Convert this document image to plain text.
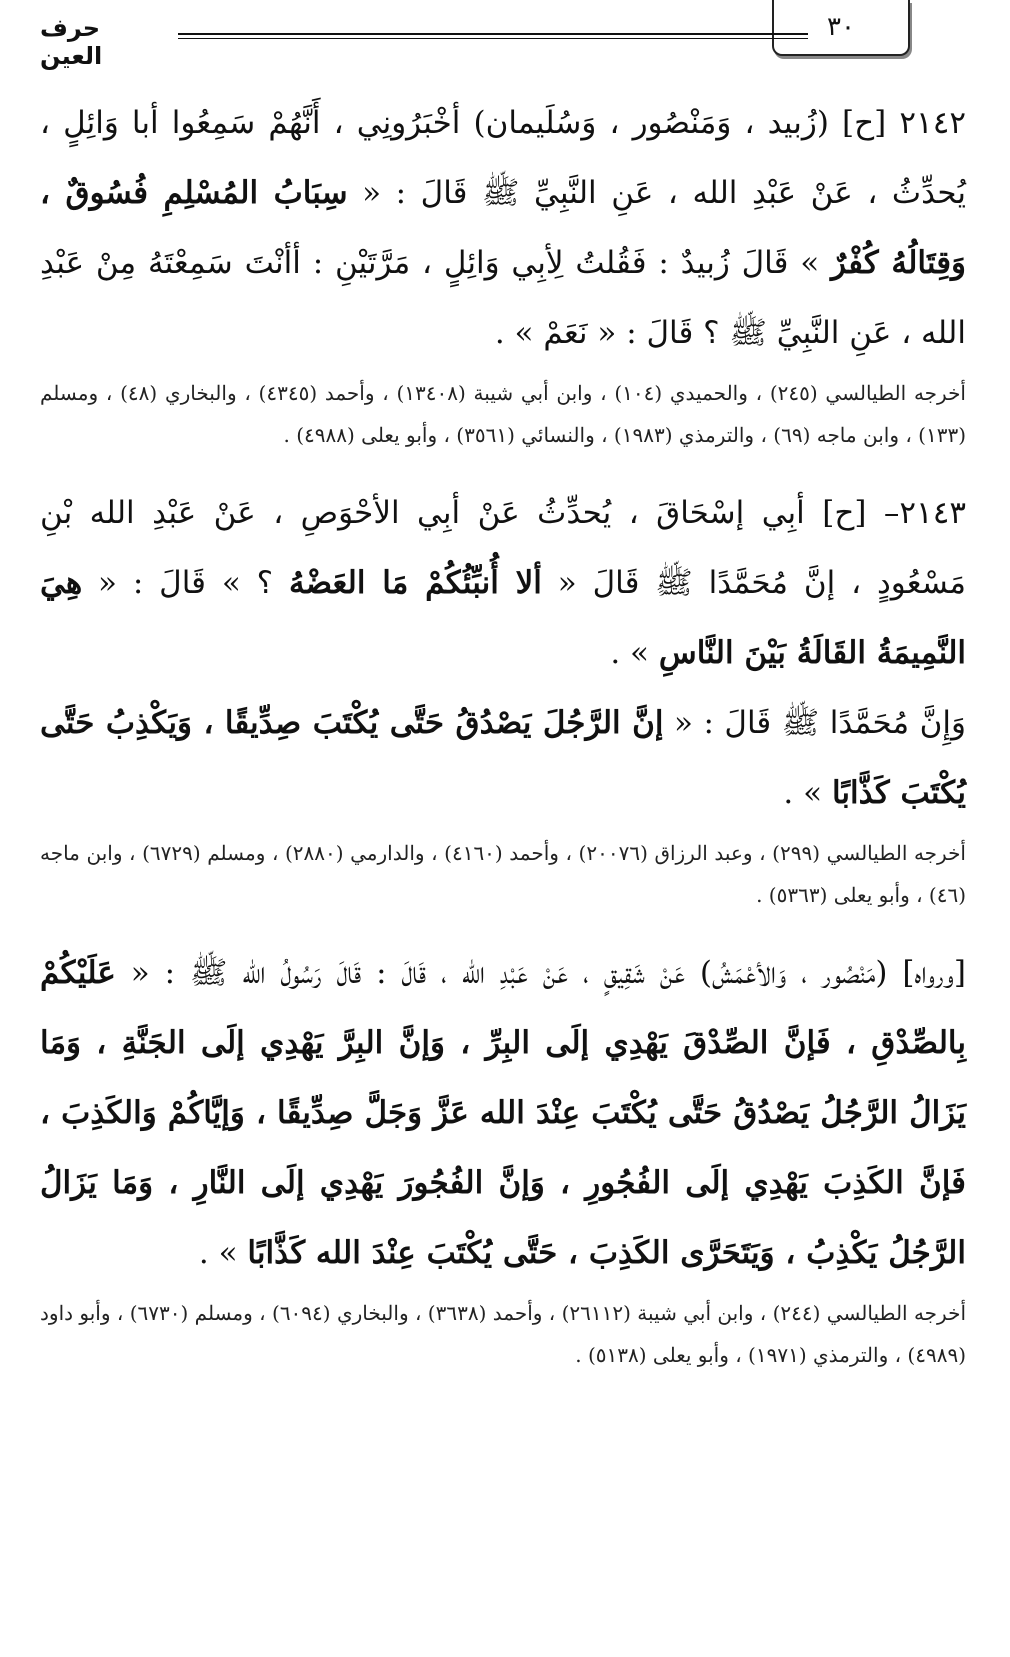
٣٠
حرف العين

٢١٤٢ [ح] (زُبيد ، وَمَنْصُور ، وَسُلَيمان) أخْبَرُونِي ، أَنَّهُمْ سَمِعُوا أبا وَائِلٍ ، يُحدِّثُ ، عَنْ عَبْدِ الله ، عَنِ النَّبِيِّ ﷺ قَالَ : « سِبَابُ المُسْلِمِ فُسُوقٌ ، وَقِتَالُهُ كُفْرٌ » قَالَ زُبيدٌ : فَقُلتُ لِأبِي وَائِلٍ ، مَرَّتَيْنِ : أأنْتَ سَمِعْتَهُ مِنْ عَبْدِ الله ، عَنِ النَّبِيِّ ﷺ ؟ قَالَ : « نَعَمْ » .

أخرجه الطيالسي (٢٤٥) ، والحميدي (١٠٤) ، وابن أبي شيبة (١٣٤٠٨) ، وأحمد (٤٣٤٥) ، والبخاري (٤٨) ، ومسلم (١٣٣) ، وابن ماجه (٦٩) ، والترمذي (١٩٨٣) ، والنسائي (٣٥٦١) ، وأبو يعلى (٤٩٨٨) .

٢١٤٣– [ح] أبِي إسْحَاقَ ، يُحدِّثُ عَنْ أبِي الأحْوَصِ ، عَنْ عَبْدِ الله بْنِ مَسْعُودٍ ، إنَّ مُحَمَّدًا ﷺ قَالَ « ألا أُنبِّئُكُمْ مَا العَضْهُ ؟ » قَالَ : « هِيَ النَّمِيمَةُ القَالَةُ بَيْنَ النَّاسِ » .

وَإِنَّ مُحَمَّدًا ﷺ قَالَ : « إنَّ الرَّجُلَ يَصْدُقُ حَتَّى يُكْتَبَ صِدِّيقًا ، وَيَكْذِبُ حَتَّى يُكْتَبَ كَذَّابًا » .

أخرجه الطيالسي (٢٩٩) ، وعبد الرزاق (٢٠٠٧٦) ، وأحمد (٤١٦٠) ، والدارمي (٢٨٨٠) ، ومسلم (٦٧٢٩) ، وابن ماجه (٤٦) ، وأبو يعلى (٥٣٦٣) .

[ورواه] (مَنْصُور ، وَالأعْمَشُ) عَنْ شَقِيقٍ ، عَنْ عَبْدِ الله ، قَالَ : قَالَ رَسُولُ الله ﷺ : « عَلَيْكُمْ بِالصِّدْقِ ، فَإنَّ الصِّدْقَ يَهْدِي إلَى البِرِّ ، وَإنَّ البِرَّ يَهْدِي إلَى الجَنَّةِ ، وَمَا يَزَالُ الرَّجُلُ يَصْدُقُ حَتَّى يُكْتَبَ عِنْدَ الله عَزَّ وَجَلَّ صِدِّيقًا ، وَإيَّاكُمْ وَالكَذِبَ ، فَإنَّ الكَذِبَ يَهْدِي إلَى الفُجُورِ ، وَإنَّ الفُجُورَ يَهْدِي إلَى النَّارِ ، وَمَا يَزَالُ الرَّجُلُ يَكْذِبُ ، وَيَتَحَرَّى الكَذِبَ ، حَتَّى يُكْتَبَ عِنْدَ الله كَذَّابًا » .

أخرجه الطيالسي (٢٤٤) ، وابن أبي شيبة (٢٦١١٢) ، وأحمد (٣٦٣٨) ، والبخاري (٦٠٩٤) ، ومسلم (٦٧٣٠) ، وأبو داود (٤٩٨٩) ، والترمذي (١٩٧١) ، وأبو يعلى (٥١٣٨) .
